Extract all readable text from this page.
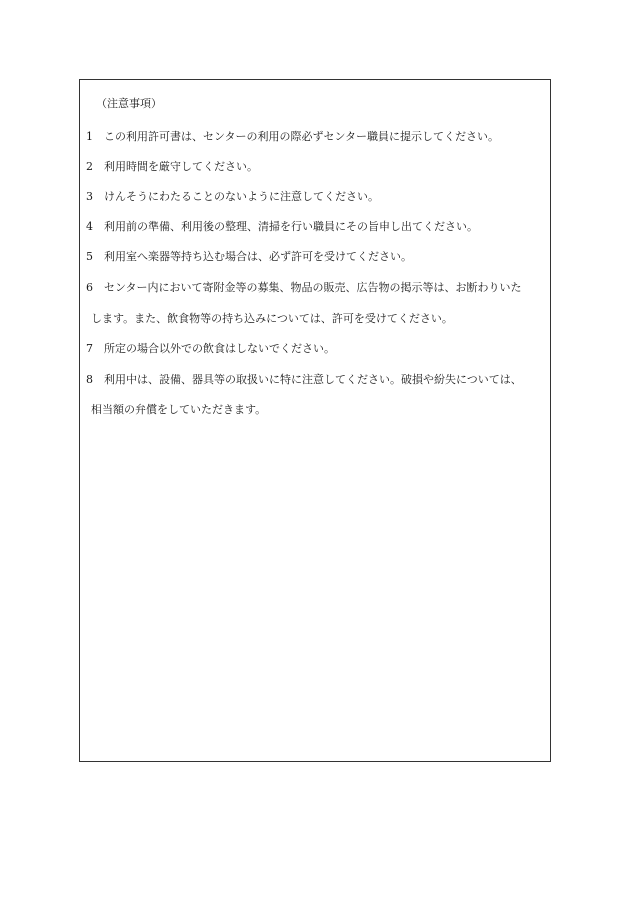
（注意事項）
1 この利用許可書は、センターの利用の際必ずセンター職員に提示してください。
2 利用時間を厳守してください。
3 けんそうにわたることのないように注意してください。
4 利用前の準備、利用後の整理、清掃を行い職員にその旨申し出てください。
5 利用室へ楽器等持ち込む場合は、必ず許可を受けてください。
6 センター内において寄附金等の募集、物品の販売、広告物の掲示等は、お断わりいた
します。また、飲食物等の持ち込みについては、許可を受けてください。
7 所定の場合以外での飲食はしないでください。
8 利用中は、設備、器具等の取扱いに特に注意してください。破損や紛失については、
相当額の弁償をしていただきます。
